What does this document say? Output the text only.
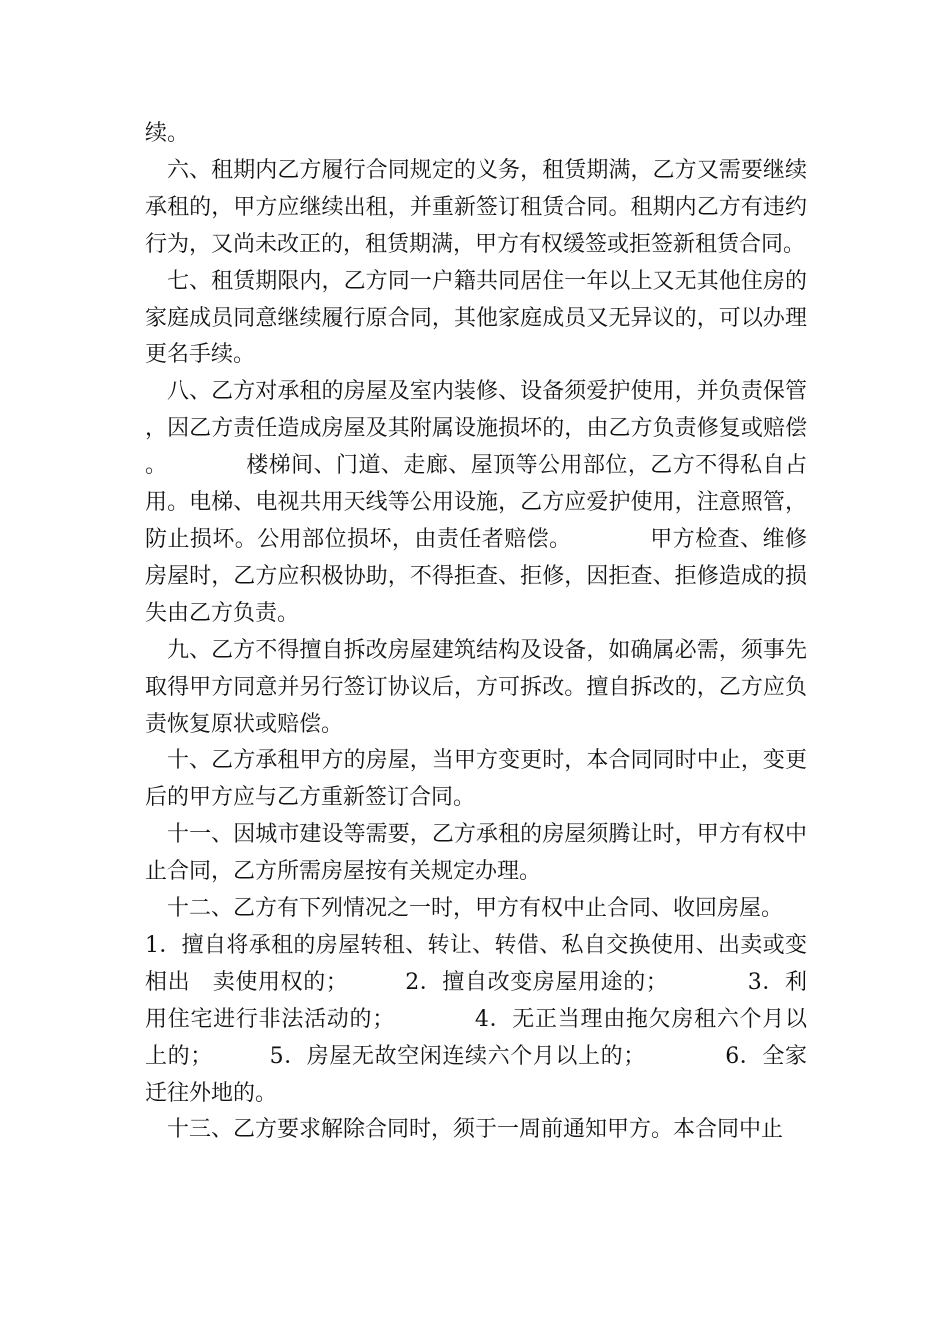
续。

六、租期内乙方履行合同规定的义务，租赁期满，乙方又需要继续承租的，甲方应继续出租，并重新签订租赁合同。租期内乙方有违约行为，又尚未改正的，租赁期满，甲方有权缓签或拒签新租赁合同。

七、租赁期限内，乙方同一户籍共同居住一年以上又无其他住房的家庭成员同意继续履行原合同，其他家庭成员又无异议的，可以办理更名手续。

八、乙方对承租的房屋及室内装修、设备须爱护使用，并负责保管，因乙方责任造成房屋及其附属设施损坏的，由乙方负责修复或赔偿。　　　　楼梯间、门道、走廊、屋顶等公用部位，乙方不得私自占用。电梯、电视共用天线等公用设施，乙方应爱护使用，注意照管，防止损坏。公用部位损坏，由责任者赔偿。　　　　甲方检查、维修房屋时，乙方应积极协助，不得拒查、拒修，因拒查、拒修造成的损失由乙方负责。

九、乙方不得擅自拆改房屋建筑结构及设备，如确属必需，须事先取得甲方同意并另行签订协议后，方可拆改。擅自拆改的，乙方应负责恢复原状或赔偿。

十、乙方承租甲方的房屋，当甲方变更时，本合同同时中止，变更后的甲方应与乙方重新签订合同。

十一、因城市建设等需要，乙方承租的房屋须腾让时，甲方有权中止合同，乙方所需房屋按有关规定办理。

十二、乙方有下列情况之一时，甲方有权中止合同、收回房屋。

1．擅自将承租的房屋转租、转让、转借、私自交换使用、出卖或变相出　卖使用权的；　　　2．擅自改变房屋用途的；　　　　3．利用住宅进行非法活动的；　　　　4．无正当理由拖欠房租六个月以上的；　　　5．房屋无故空闲连续六个月以上的；　　　　6．全家迁往外地的。

十三、乙方要求解除合同时，须于一周前通知甲方。本合同中止
